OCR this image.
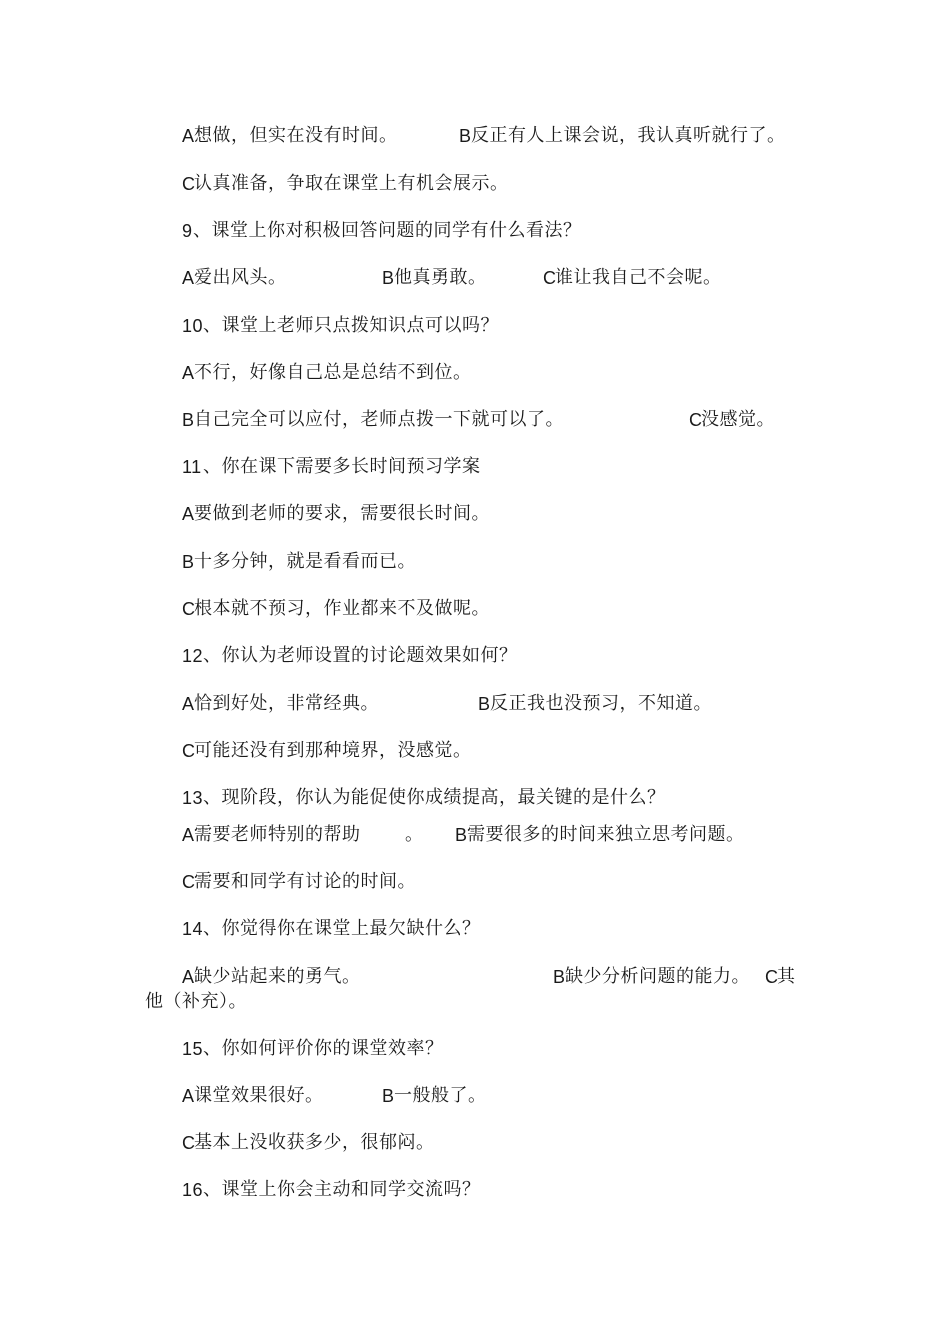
A 想做，但实在没有时间。	B 反正有人上课会说，我认真听就行了。
C
认真准备，争取在课堂上有机会展示。
9 、课堂上你对积极回答问题的同学有什么看法？
A 爱出风头。	B 他真勇敢。	C
谁让我自己不会呢。
10 、课堂上老师只点拨知识点可以吗？
A 不行，好像自己总是总结不到位。
B 自己完全可以应付，老师点拨一下就可以了。	C
没感觉。
11 、你在课下需要多长时间预习学案
A 要做到老师的要求，需要很长时间。
B 十多分钟，就是看看而已。
C
根本就不预习，作业都来不及做呢。
12 、你认为老师设置的讨论题效果如何？
A 恰到好处，非常经典。	B 反正我也没预习，不知道。
C
可能还没有到那种境界，没感觉。
13 、现阶段，你认为能促使你成绩提高，最关键的是什么？
A 需要老师特别的帮助 。 B 需要很多的时间来独立思考问题。
C
需要和同学有讨论的时间。
14 、你觉得你在课堂上最欠缺什么？
A 缺少站起来的勇气。	B 缺少分析问题的能力。 C
其
他（补充）。
15 、你如何评价你的课堂效率？
A 课堂效果很好。	B 一般般了。
C
基本上没收获多少，很郁闷。
16 、课堂上你会主动和同学交流吗？
